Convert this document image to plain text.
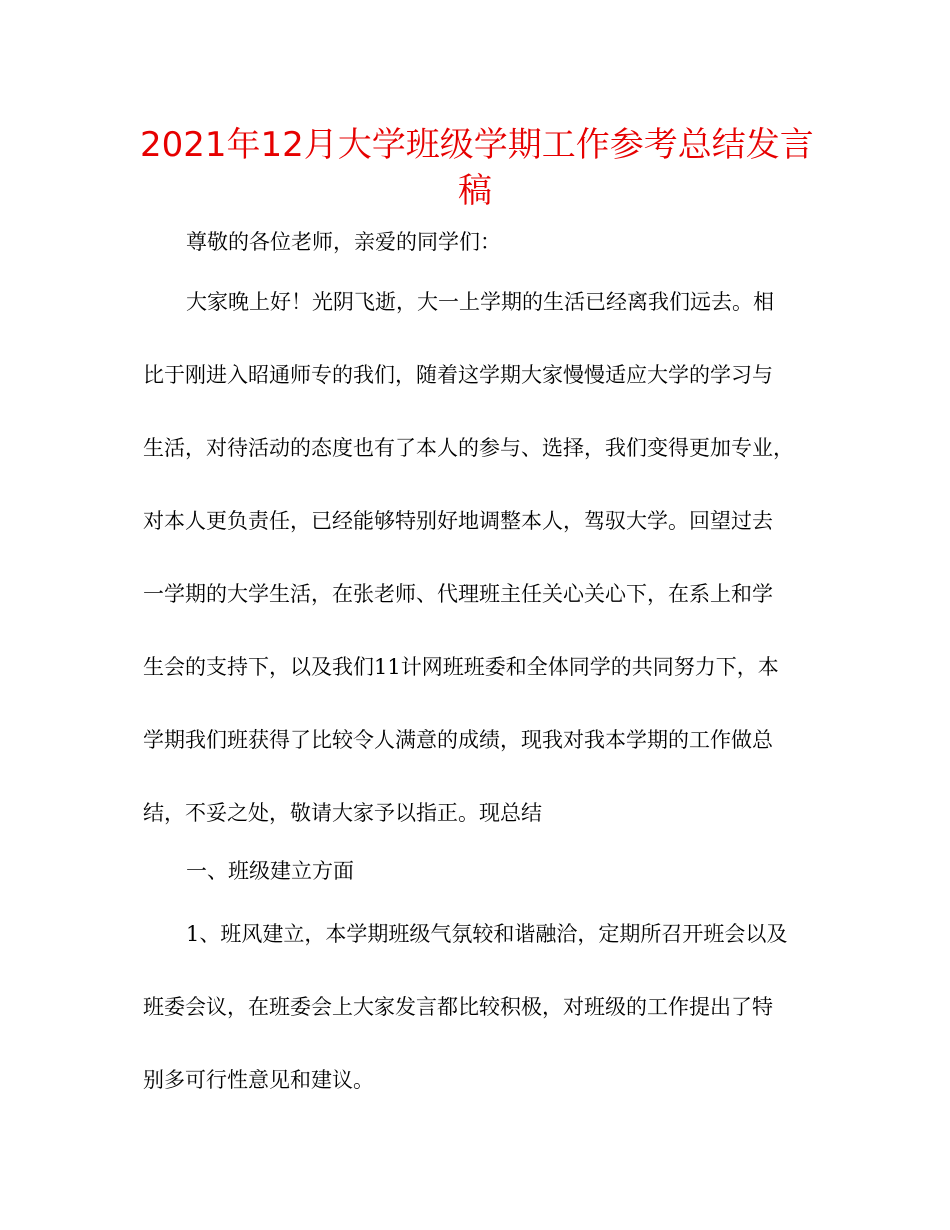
2021年12月大学班级学期工作参考总结发言
稿

尊敬的各位老师，亲爱的同学们：

大家晚上好！光阴飞逝，大一上学期的生活已经离我们远去。相

比于刚进入昭通师专的我们，随着这学期大家慢慢适应大学的学习与

生活，对待活动的态度也有了本人的参与、选择，我们变得更加专业，

对本人更负责任，已经能够特别好地调整本人，驾驭大学。回望过去

一学期的大学生活，在张老师、代理班主任关心关心下，在系上和学

生会的支持下，以及我们11计网班班委和全体同学的共同努力下，本

学期我们班获得了比较令人满意的成绩，现我对我本学期的工作做总

结，不妥之处，敬请大家予以指正。现总结

一、班级建立方面

1、班风建立，本学期班级气氛较和谐融洽，定期所召开班会以及

班委会议，在班委会上大家发言都比较积极，对班级的工作提出了特

别多可行性意见和建议。
